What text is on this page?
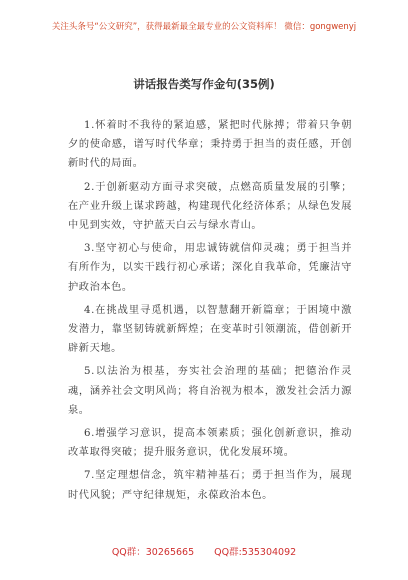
关注头条号“公文研究”，获得最新最全最专业的公文资料库！ 微信：gongwenyj
讲话报告类写作金句(35例)

1.怀着时不我待的紧迫感，紧把时代脉搏；带着只争朝夕的使命感，谱写时代华章；秉持勇于担当的责任感，开创新时代的局面。

2.于创新驱动方面寻求突破，点燃高质量发展的引擎；在产业升级上谋求跨越，构建现代化经济体系；从绿色发展中见到实效，守护蓝天白云与绿水青山。

3.坚守初心与使命，用忠诚铸就信仰灵魂；勇于担当并有所作为，以实干践行初心承诺；深化自我革命，凭廉洁守护政治本色。

4.在挑战里寻觅机遇，以智慧翻开新篇章；于困境中激发潜力，靠坚韧铸就新辉煌；在变革时引领潮流，借创新开辟新天地。

5.以法治为根基，夯实社会治理的基础；把德治作灵魂，涵养社会文明风尚；将自治视为根本，激发社会活力源泉。

6.增强学习意识，提高本领素质；强化创新意识，推动改革取得突破；提升服务意识，优化发展环境。

7.坚定理想信念，筑牢精神基石；勇于担当作为，展现时代风貌；严守纪律规矩，永葆政治本色。

QQ群：30265665 QQ群:535304092
